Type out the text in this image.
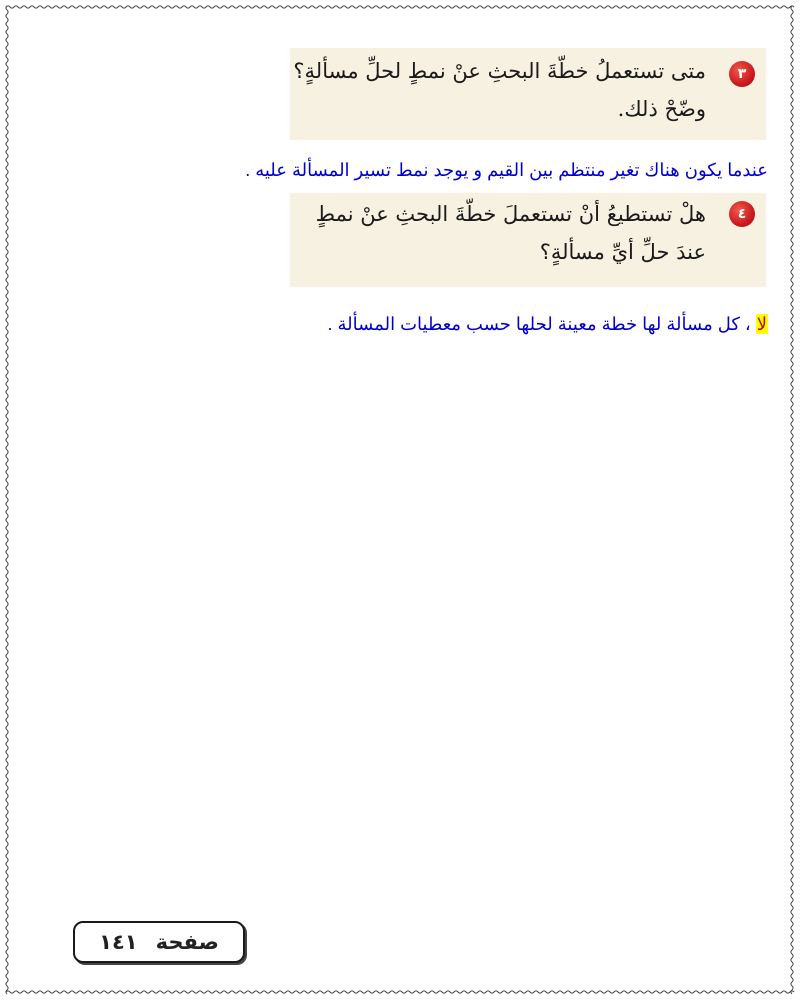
٣
متى تستعملُ خطّةَ البحثِ عنْ نمطٍ لحلِّ مسألةٍ؟
وضّحْ ذلك.
عندما يكون هناك تغير منتظم بين القيم و يوجد نمط تسير المسألة عليه .
٤
هلْ تستطيعُ أنْ تستعملَ خطّةَ البحثِ عنْ نمطٍ
عندَ حلِّ أيِّ مسألةٍ؟
لا ، كل مسألة لها خطة معينة لحلها حسب معطيات المسألة .
صفحة
١٤١
